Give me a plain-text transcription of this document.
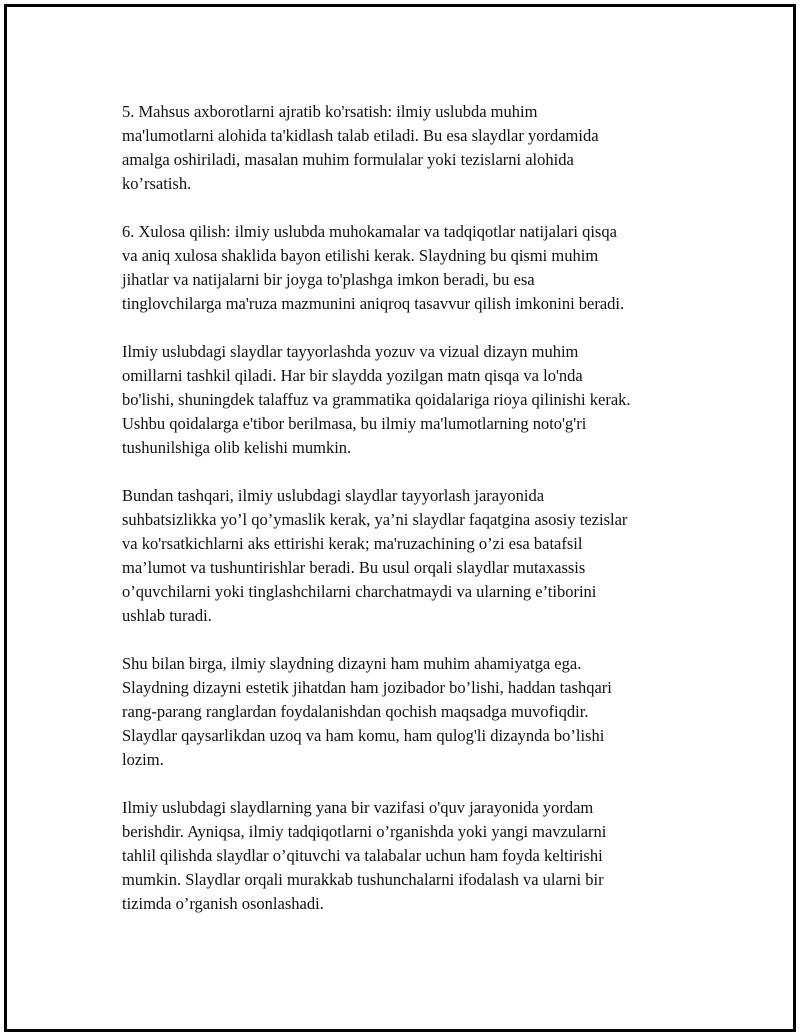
5. Mahsus axborotlarni ajratib ko'rsatish: ilmiy uslubda muhim
ma'lumotlarni alohida ta'kidlash talab etiladi. Bu esa slaydlar yordamida
amalga oshiriladi, masalan muhim formulalar yoki tezislarni alohida
ko’rsatish.

6. Xulosa qilish: ilmiy uslubda muhokamalar va tadqiqotlar natijalari qisqa
va aniq xulosa shaklida bayon etilishi kerak. Slaydning bu qismi muhim
jihatlar va natijalarni bir joyga to'plashga imkon beradi, bu esa
tinglovchilarga ma'ruza mazmunini aniqroq tasavvur qilish imkonini beradi.

Ilmiy uslubdagi slaydlar tayyorlashda yozuv va vizual dizayn muhim
omillarni tashkil qiladi. Har bir slaydda yozilgan matn qisqa va lo'nda
bo'lishi, shuningdek talaffuz va grammatika qoidalariga rioya qilinishi kerak.
Ushbu qoidalarga e'tibor berilmasa, bu ilmiy ma'lumotlarning noto'g'ri
tushunilshiga olib kelishi mumkin.

Bundan tashqari, ilmiy uslubdagi slaydlar tayyorlash jarayonida
suhbatsizlikka yo’l qo’ymaslik kerak, ya’ni slaydlar faqatgina asosiy tezislar
va ko'rsatkichlarni aks ettirishi kerak; ma'ruzachining o’zi esa batafsil
ma’lumot va tushuntirishlar beradi. Bu usul orqali slaydlar mutaxassis
o’quvchilarni yoki tinglashchilarni charchatmaydi va ularning e’tiborini
ushlab turadi.

Shu bilan birga, ilmiy slaydning dizayni ham muhim ahamiyatga ega.
Slaydning dizayni estetik jihatdan ham jozibador bo’lishi, haddan tashqari
rang-parang ranglardan foydalanishdan qochish maqsadga muvofiqdir.
Slaydlar qaysarlikdan uzoq va ham komu, ham qulog'li dizaynda bo’lishi
lozim.

Ilmiy uslubdagi slaydlarning yana bir vazifasi o'quv jarayonida yordam
berishdir. Ayniqsa, ilmiy tadqiqotlarni o’rganishda yoki yangi mavzularni
tahlil qilishda slaydlar o’qituvchi va talabalar uchun ham foyda keltirishi
mumkin. Slaydlar orqali murakkab tushunchalarni ifodalash va ularni bir
tizimda o’rganish osonlashadi.
